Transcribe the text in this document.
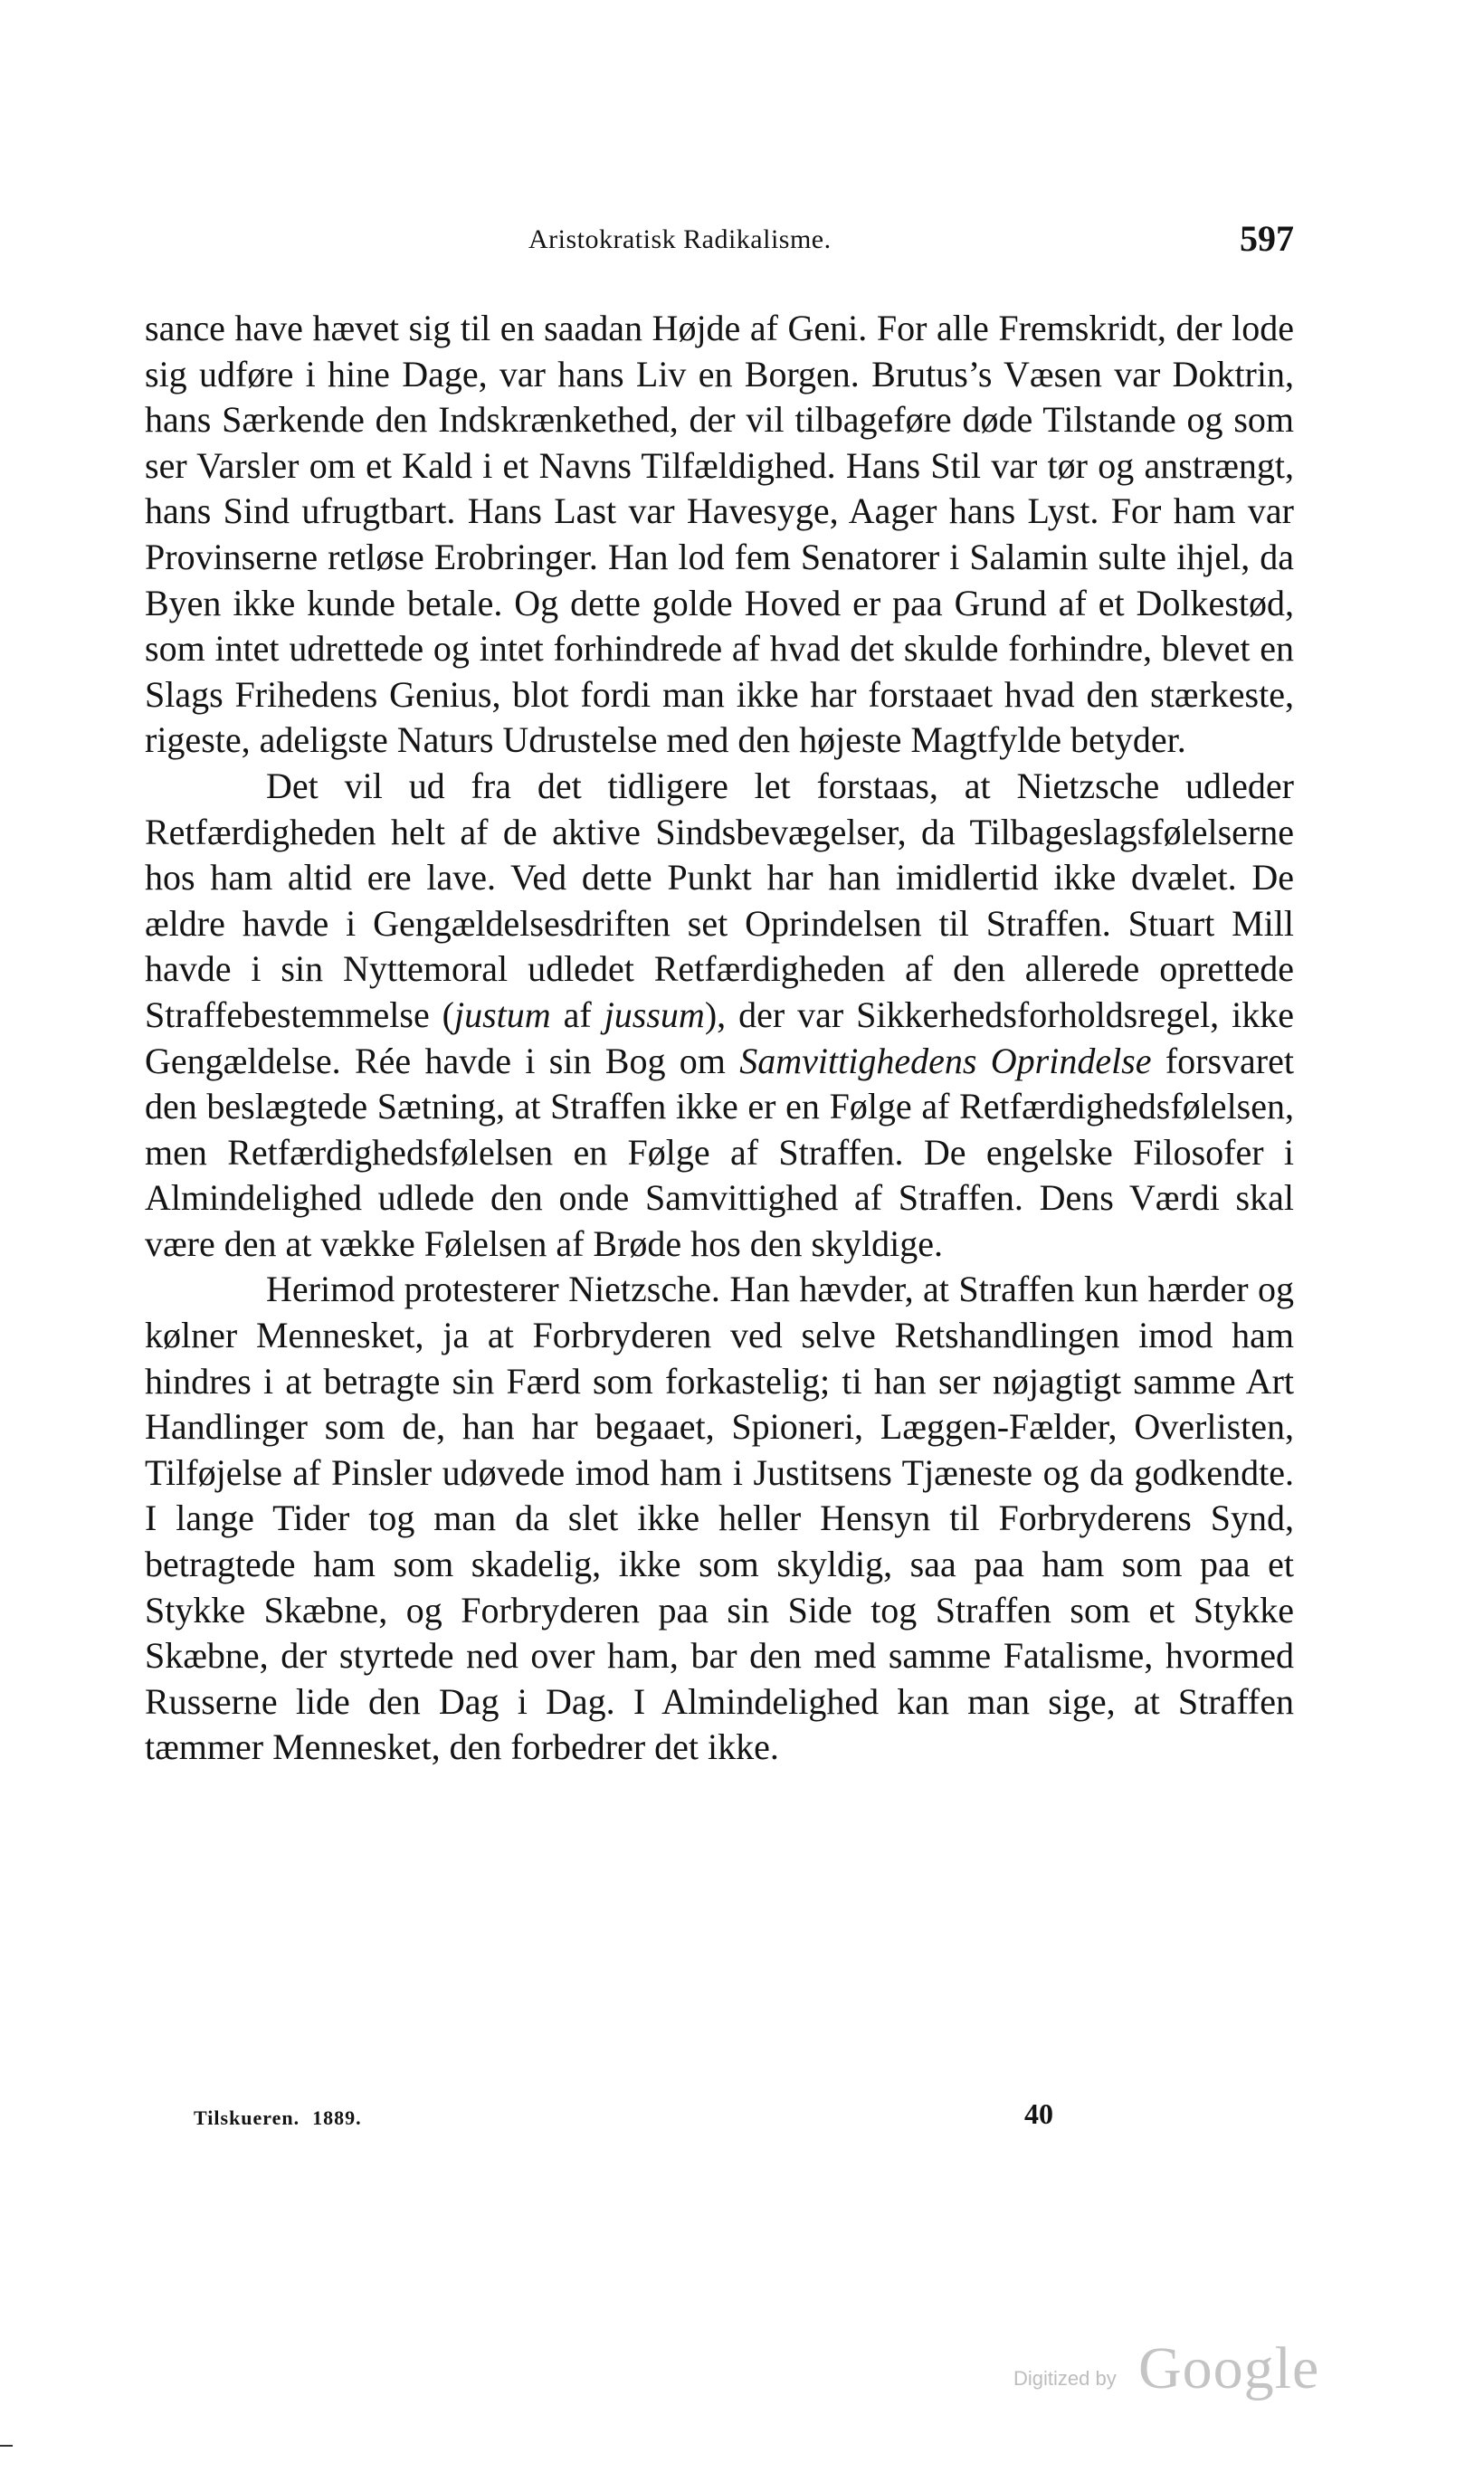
Aristokratisk Radikalisme.	597

sance have hævet sig til en saadan Højde af Geni. For alle Fremskridt, der lode sig udføre i hine Dage, var hans Liv en Borgen. Brutus’s Væsen var Doktrin, hans Særkende den Indskrænkethed, der vil tilbageføre døde Tilstande og som ser Varsler om et Kald i et Navns Tilfældighed. Hans Stil var tør og anstrængt, hans Sind ufrugtbart. Hans Last var Havesyge, Aager hans Lyst. For ham var Provinserne retløse Erobringer. Han lod fem Senatorer i Salamin sulte ihjel, da Byen ikke kunde betale. Og dette golde Hoved er paa Grund af et Dolkestød, som intet udrettede og intet forhindrede af hvad det skulde forhindre, blevet en Slags Frihedens Genius, blot fordi man ikke har forstaaet hvad den stærkeste, rigeste, adeligste Naturs Udrustelse med den højeste Magtfylde betyder.

Det vil ud fra det tidligere let forstaas, at Nietzsche udleder Retfærdigheden helt af de aktive Sindsbevægelser, da Tilbageslagsfølelserne hos ham altid ere lave. Ved dette Punkt har han imidlertid ikke dvælet. De ældre havde i Gengældelsesdriften set Oprindelsen til Straffen. Stuart Mill havde i sin Nyttemoral udledet Retfærdigheden af den allerede oprettede Straffebestemmelse (justum af jussum), der var Sikkerhedsforholdsregel, ikke Gengældelse. Rée havde i sin Bog om Samvittighedens Oprindelse forsvaret den beslægtede Sætning, at Straffen ikke er en Følge af Retfærdighedsfølelsen, men Retfærdighedsfølelsen en Følge af Straffen. De engelske Filosofer i Almindelighed udlede den onde Samvittighed af Straffen. Dens Værdi skal være den at vække Følelsen af Brøde hos den skyldige.

Herimod protesterer Nietzsche. Han hævder, at Straffen kun hærder og kølner Mennesket, ja at Forbryderen ved selve Retshandlingen imod ham hindres i at betragte sin Færd som forkastelig; ti han ser nøjagtigt samme Art Handlinger som de, han har begaaet, Spioneri, Læggen-Fælder, Overlisten, Tilføjelse af Pinsler udøvede imod ham i Justitsens Tjæneste og da godkendte. I lange Tider tog man da slet ikke heller Hensyn til Forbryderens Synd, betragtede ham som skadelig, ikke som skyldig, saa paa ham som paa et Stykke Skæbne, og Forbryderen paa sin Side tog Straffen som et Stykke Skæbne, der styrtede ned over ham, bar den med samme Fatalisme, hvormed Russerne lide den Dag i Dag. I Almindelighed kan man sige, at Straffen tæmmer Mennesket, den forbedrer det ikke.

Tilskueren. 1889.	40
Digitized by Google
